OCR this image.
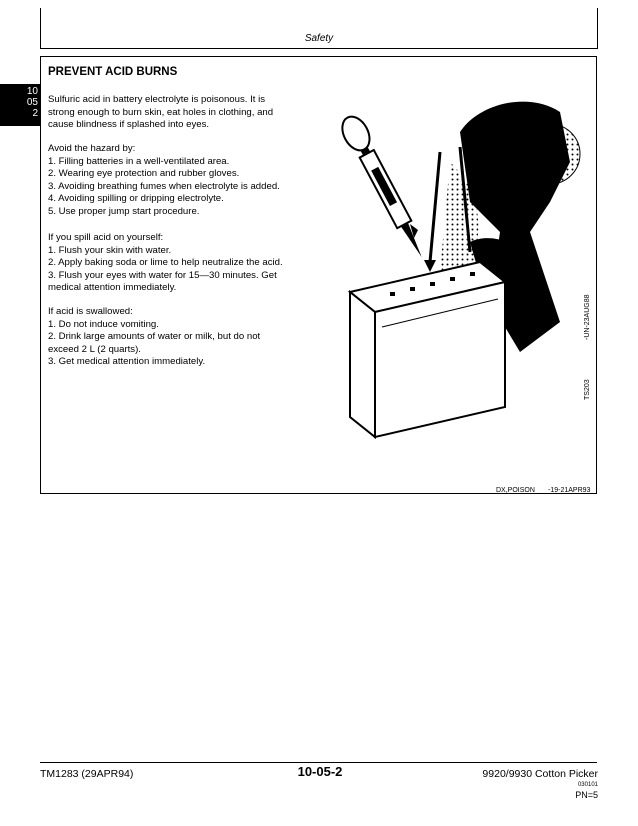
Safety
10
05
2
PREVENT ACID BURNS

Sulfuric acid in battery electrolyte is poisonous. It is

strong enough to burn skin, eat holes in clothing, and

cause blindness if splashed into eyes.

Avoid the hazard by:

1. Filling batteries in a well-ventilated area.

2. Wearing eye protection and rubber gloves.

3. Avoiding breathing fumes when electrolyte is added.

4. Avoiding spilling or dripping electrolyte.

5. Use proper jump start procedure.

If you spill acid on yourself:

1. Flush your skin with water.

2. Apply baking soda or lime to help neutralize the acid.

3. Flush your eyes with water for 15—30 minutes. Get

medical attention immediately.

If acid is swallowed:

1. Do not induce vomiting.

2. Drink large amounts of water or milk, but do not

exceed 2 L (2 quarts).

3. Get medical attention immediately.

-UN-23AUG88
TS203
DX,POISON -19-21APR93
TM1283 (29APR94)	10-05-2	9920/9930 Cotton Picker
030101
PN=5
